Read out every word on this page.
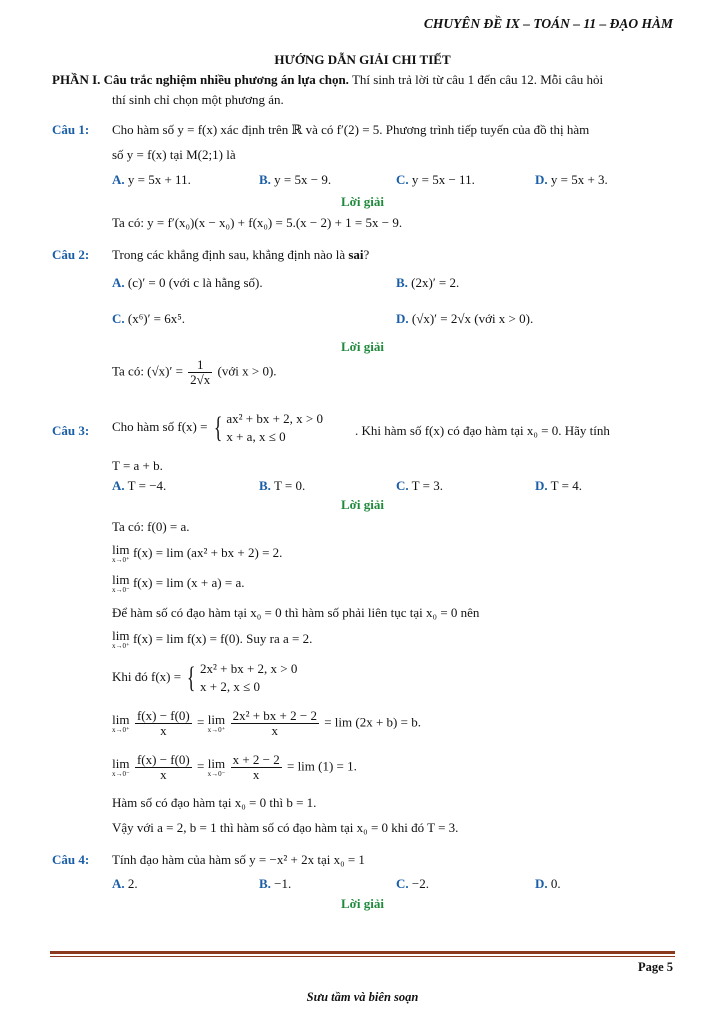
CHUYÊN ĐỀ IX – TOÁN – 11 – ĐẠO HÀM
HƯỚNG DẪN GIẢI CHI TIẾT
PHẦN I. Câu trắc nghiệm nhiều phương án lựa chọn. Thí sinh trả lời từ câu 1 đến câu 12. Mỗi câu hỏi
thí sinh chỉ chọn một phương án.
Câu 1: Cho hàm số y = f(x) xác định trên ℝ và có f′(2) = 5. Phương trình tiếp tuyến của đồ thị hàm
số y = f(x) tại M(2;1) là
A. y = 5x + 11.	B. y = 5x − 9.	C. y = 5x − 11.	D. y = 5x + 3.
Lời giải
Ta có: y = f′(x₀)(x − x₀) + f(x₀) = 5.(x − 2) + 1 = 5x − 9.
Câu 2: Trong các khẳng định sau, khẳng định nào là sai?
A. (c)′ = 0 (với c là hằng số).	B. (2x)′ = 2.
C. (x⁶)′ = 6x⁵.	D. (√x)′ = 2√x (với x > 0).
Lời giải
Ta có: $(√x)' = \frac{1}{2√x}$ (với x > 0).
Câu 3: Cho hàm số f(x) = { ax² + bx + 2, x > 0
x + a, x ≤ 0	. Khi hàm số f(x) có đạo hàm tại x₀ = 0. Hãy tính
T = a + b.
A. T = −4.	B. T = 0.	C. T = 3.	D. T = 4.
Lời giải
Ta có: f(0) = a.
lim
x→0⁺
f(x) = lim (ax² + bx + 2) = 2.
lim
x→0⁻
f(x) = lim (x + a) = a.
Để hàm số có đạo hàm tại x₀ = 0 thì hàm số phải liên tục tại x₀ = 0 nên
lim
x→0⁺
f(x) = lim f(x) = f(0). Suy ra a = 2.
Khi đó f(x) = { 2x² + bx + 2, x > 0
x + 2, x ≤ 0
lim
x→0⁺
$\frac{f(x) - f(0)}{x} = \lim$
x→0⁺
$\frac{\text{2x² + bx + 2 − 2}}{x} = \lim (2x + b) = b$.
lim
x→0⁻
$\frac{f(x) - f(0)}{x} = \lim$
x→0⁻
$\frac{x + 2 - 2}{x} = \lim (1) = 1$.
Hàm số có đạo hàm tại x₀ = 0 thì b = 1.
Vậy với a = 2, b = 1 thì hàm số có đạo hàm tại x₀ = 0 khi đó T = 3.
Câu 4: Tính đạo hàm của hàm số y = −x² + 2x tại x₀ = 1
A. 2.	B. −1.	C. −2.	D. 0.
Lời giải
Page 5
Sưu tầm và biên soạn
